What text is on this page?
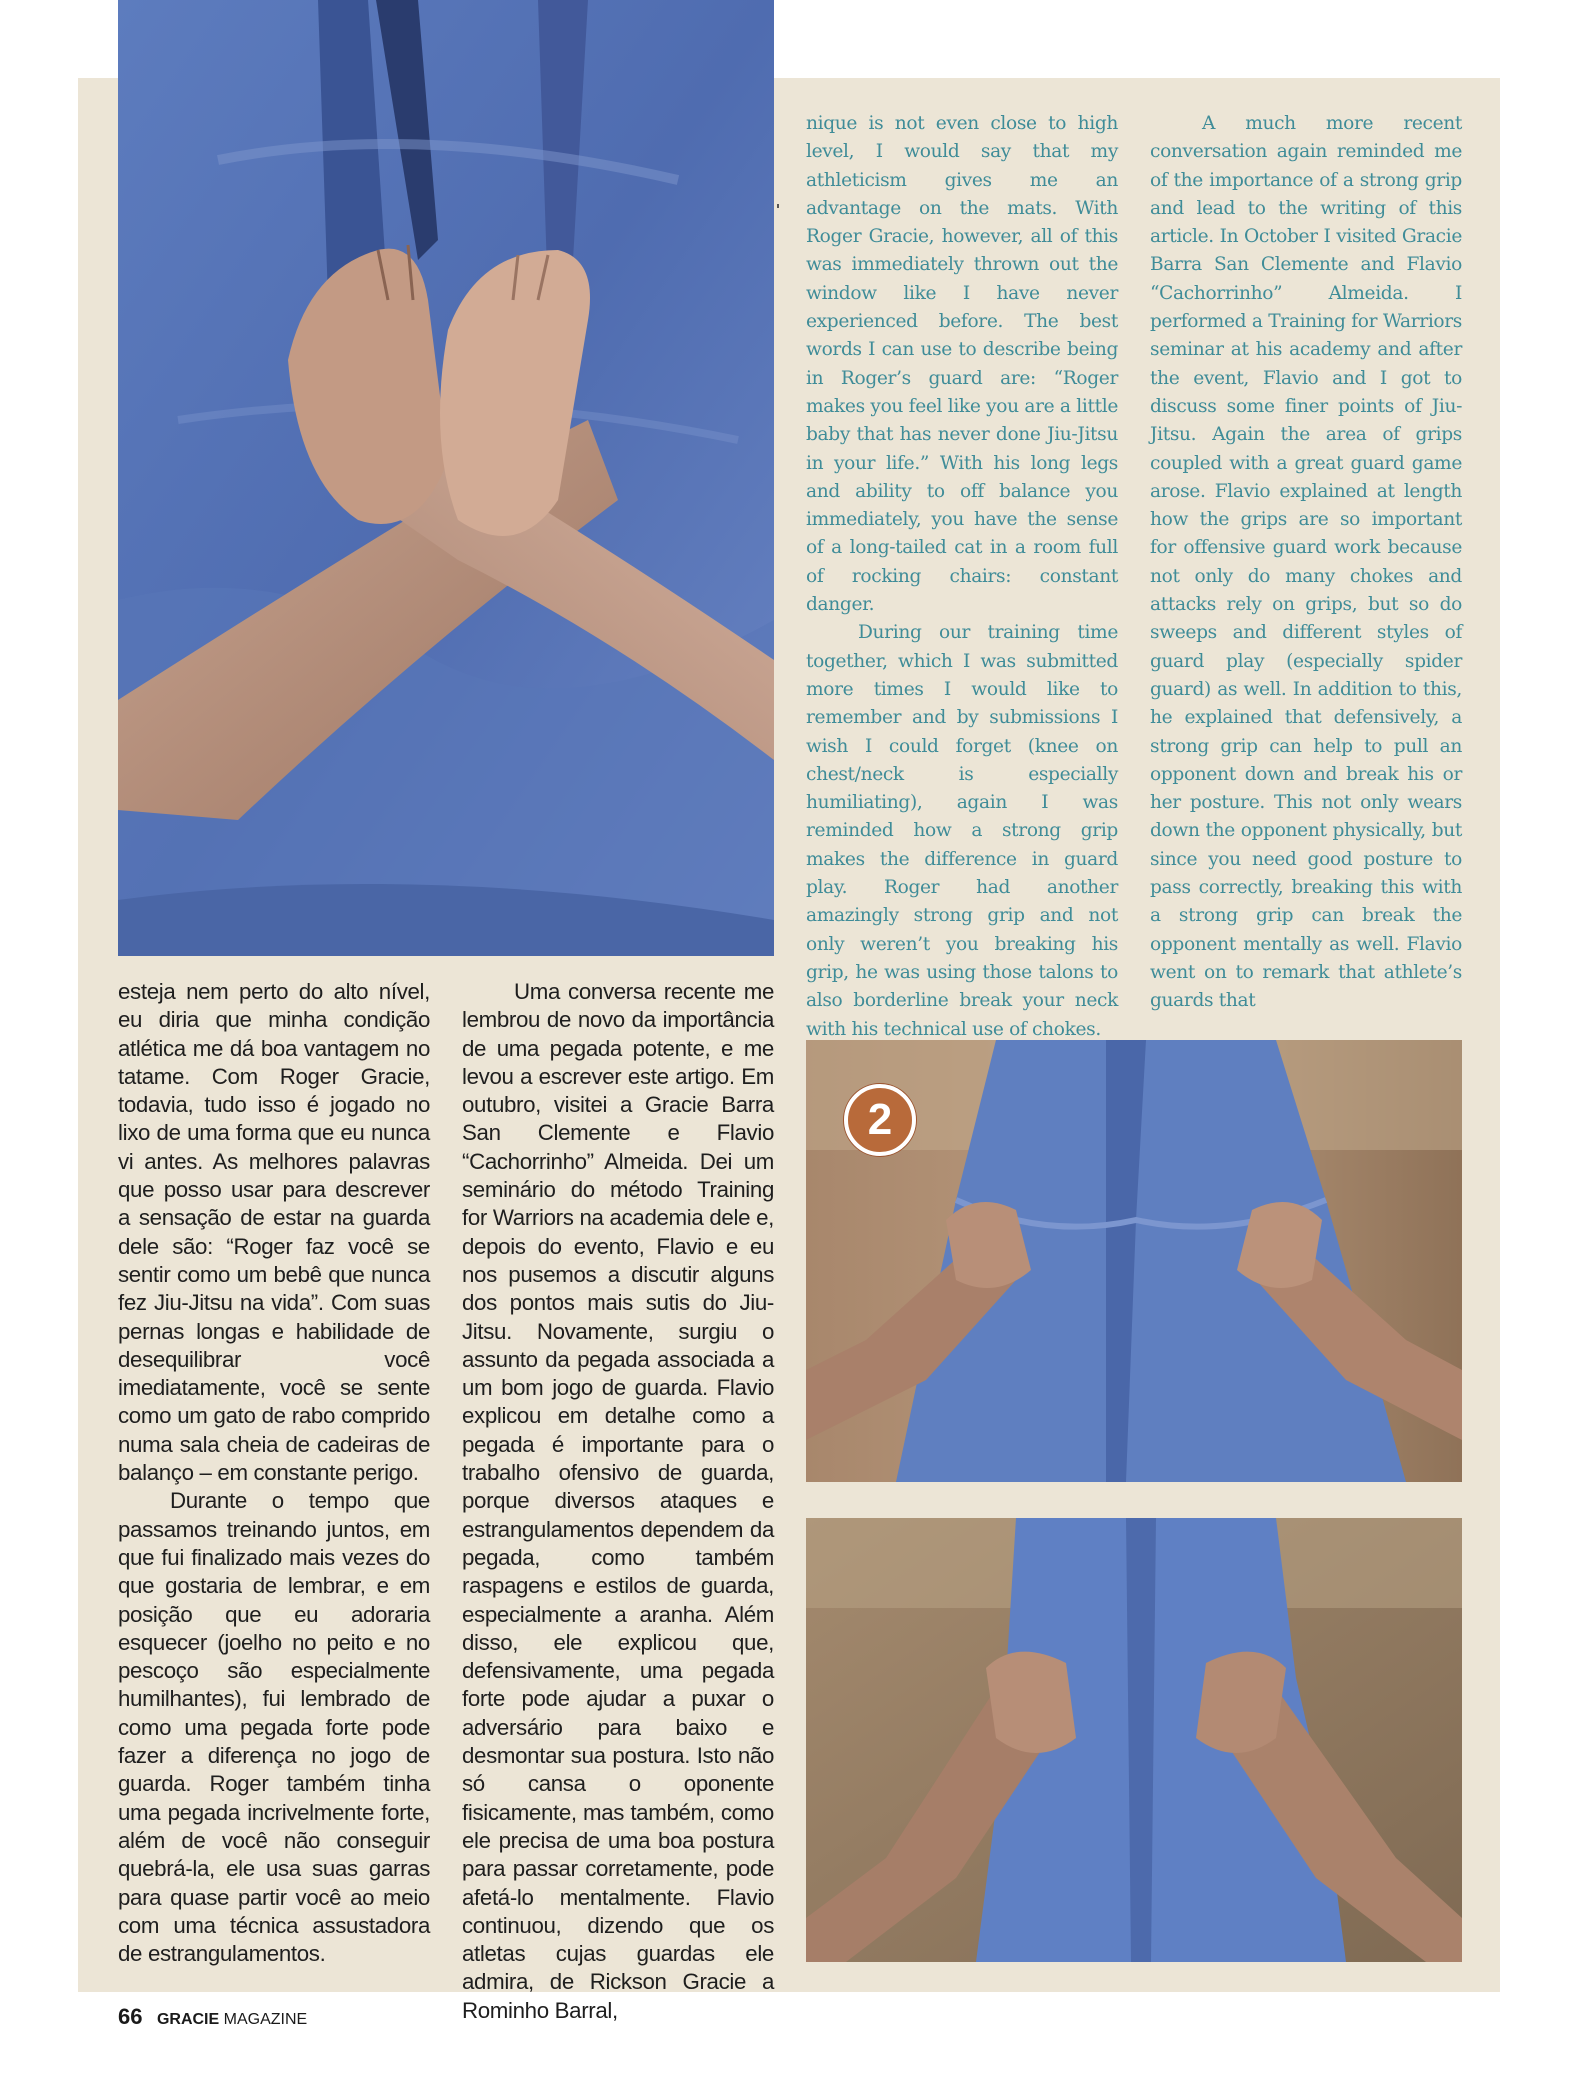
2

esteja nem perto do alto nível, eu diria que minha condição atlética me dá boa vantagem no tatame. Com Roger Gracie, todavia, tudo isso é jogado no lixo de uma forma que eu nunca vi antes. As melhores palavras que posso usar para descrever a sensação de estar na guarda dele são: “Roger faz você se sentir como um bebê que nunca fez Jiu-Jitsu na vida”. Com suas pernas longas e habilidade de desequilibrar você imediatamente, você se sente como um gato de rabo comprido numa sala cheia de cadeiras de balanço – em constante perigo.

Durante o tempo que passamos treinando juntos, em que fui finalizado mais vezes do que gostaria de lembrar, e em posição que eu adoraria esquecer (joelho no peito e no pescoço são especialmente humilhantes), fui lembrado de como uma pegada forte pode fazer a diferença no jogo de guarda. Roger também tinha uma pegada incrivelmente forte, além de você não conseguir quebrá-la, ele usa suas garras para quase partir você ao meio com uma técnica assustadora de estrangulamentos.

Uma conversa recente me lembrou de novo da importância de uma pegada potente, e me levou a escrever este artigo. Em outubro, visitei a Gracie Barra San Clemente e Flavio “Cachorrinho” Almeida. Dei um seminário do método Training for Warriors na academia dele e, depois do evento, Flavio e eu nos pusemos a discutir alguns dos pontos mais sutis do Jiu-Jitsu. Novamente, surgiu o assunto da pegada associada a um bom jogo de guarda. Flavio explicou em detalhe como a pegada é importante para o trabalho ofensivo de guarda, porque diversos ataques e estrangulamentos dependem da pegada, como também raspagens e estilos de guarda, especialmente a aranha. Além disso, ele explicou que, defensivamente, uma pegada forte pode ajudar a puxar o adversário para baixo e desmontar sua postura. Isto não só cansa o oponente fisicamente, mas também, como ele precisa de uma boa postura para passar corretamente, pode afetá-lo mentalmente. Flavio continuou, dizendo que os atletas cujas guardas ele admira, de Rickson Gracie a Rominho Barral,

nique is not even close to high level, I would say that my athleticism gives me an advantage on the mats. With Roger Gracie, however, all of this was immediately thrown out the window like I have never experienced before. The best words I can use to describe being in Roger’s guard are: “Roger makes you feel like you are a little baby that has never done Jiu-Jitsu in your life.” With his long legs and ability to off balance you immediately, you have the sense of a long-tailed cat in a room full of rocking chairs: constant danger.

During our training time together, which I was submitted more times I would like to remember and by submissions I wish I could forget (knee on chest/neck is especially humiliating), again I was reminded how a strong grip makes the difference in guard play. Roger had another amazingly strong grip and not only weren’t you breaking his grip, he was using those talons to also borderline break your neck with his technical use of chokes.

A much more recent conversation again reminded me of the importance of a strong grip and lead to the writing of this article. In October I visited Gracie Barra San Clemente and Flavio “Cachorrinho” Almeida. I performed a Training for Warriors seminar at his academy and after the event, Flavio and I got to discuss some finer points of Jiu-Jitsu. Again the area of grips coupled with a great guard game arose. Flavio explained at length how the grips are so important for offensive guard work because not only do many chokes and attacks rely on grips, but so do sweeps and different styles of guard play (especially spider guard) as well. In addition to this, he explained that defensively, a strong grip can help to pull an opponent down and break his or her posture. This not only wears down the opponent physically, but since you need good posture to pass correctly, breaking this with a strong grip can break the opponent mentally as well. Flavio went on to remark that athlete’s guards that

66 GRACIE MAGAZINE
